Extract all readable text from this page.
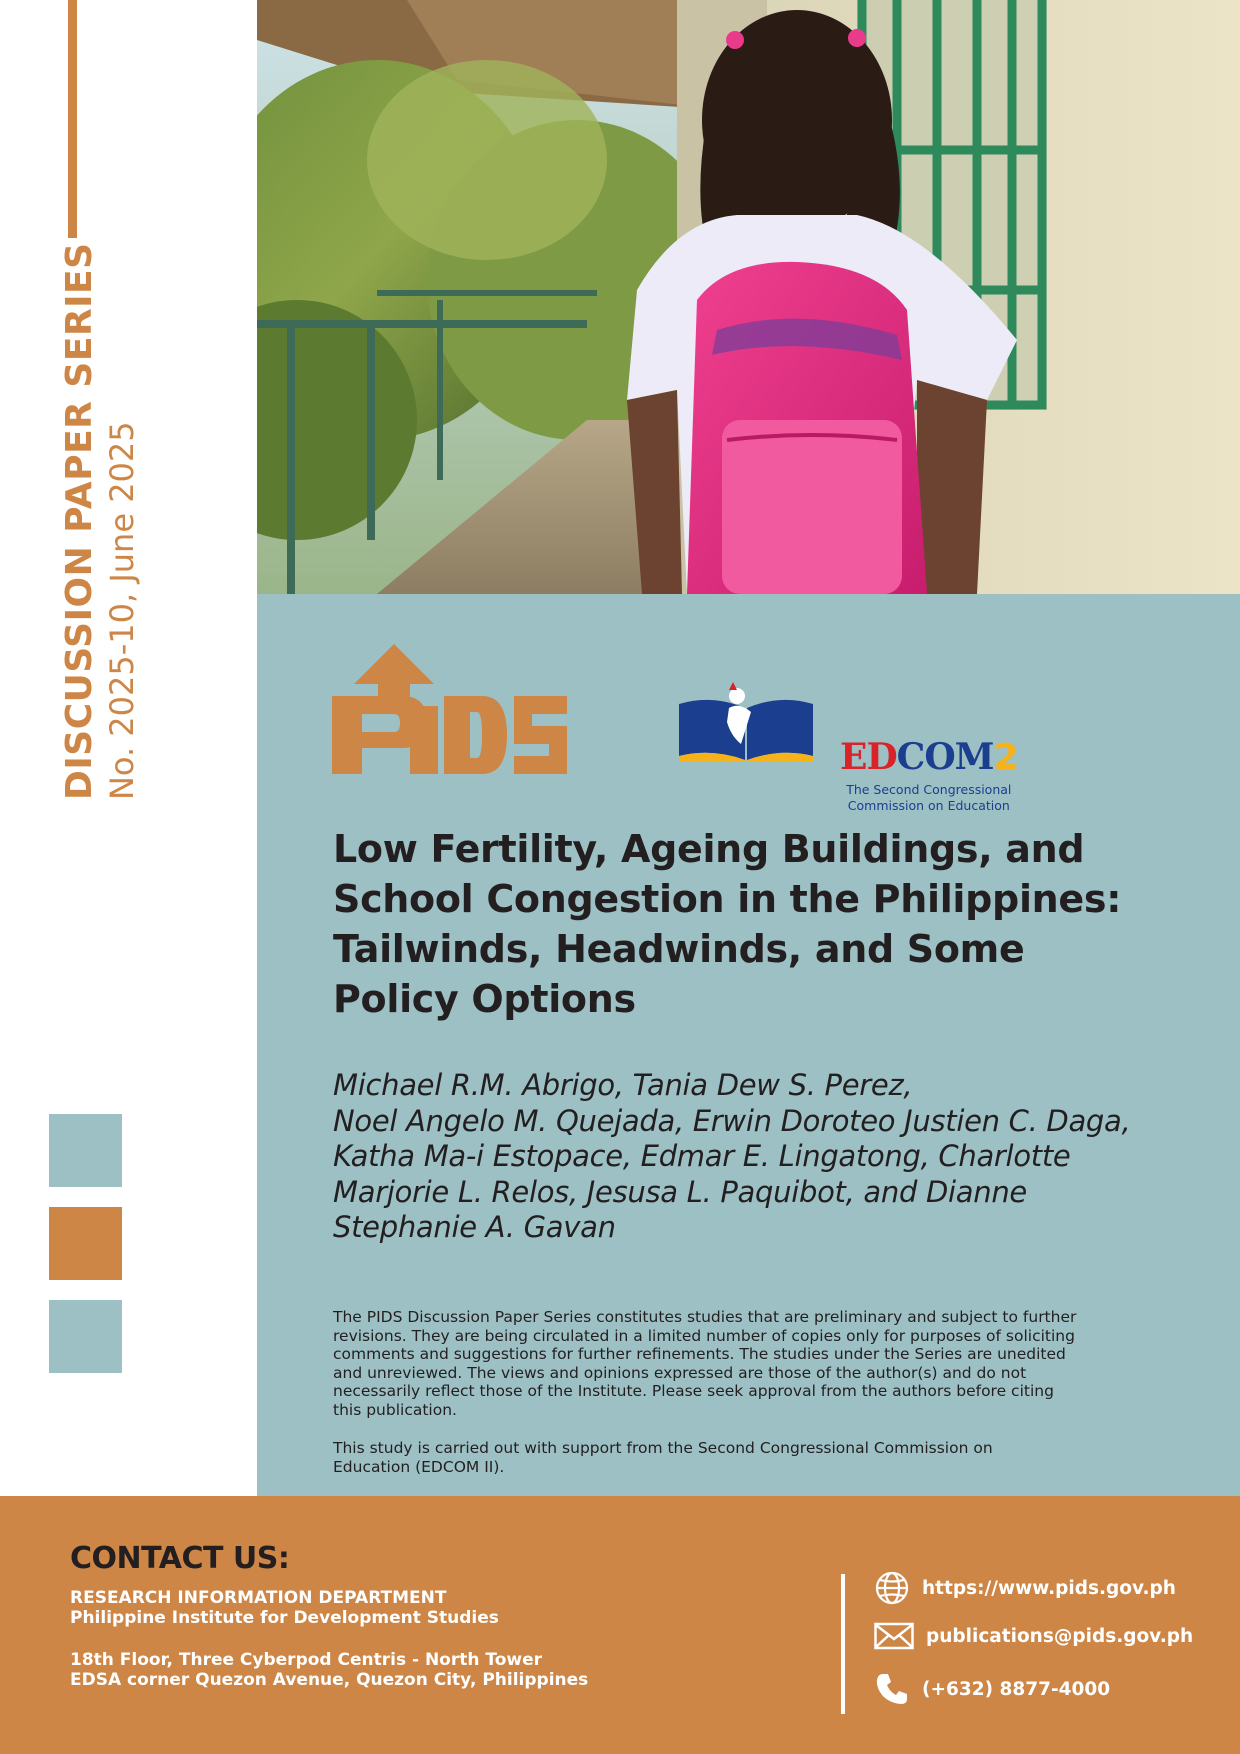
DISCUSSION PAPER SERIES No. 2025-10, June 2025	EDCOM2
The Second Congressional
Commission on Education
Low Fertility, Ageing Buildings, and
School Congestion in the Philippines:
Tailwinds, Headwinds, and Some
Policy Options
Michael R.M. Abrigo, Tania Dew S. Perez,
Noel Angelo M. Quejada, Erwin Doroteo Justien C. Daga,
Katha Ma-i Estopace, Edmar E. Lingatong, Charlotte
Marjorie L. Relos, Jesusa L. Paquibot, and Dianne
Stephanie A. Gavan
The PIDS Discussion Paper Series constitutes studies that are preliminary and subject to further
revisions. They are being circulated in a limited number of copies only for purposes of soliciting
comments and suggestions for further refinements. The studies under the Series are unedited
and unreviewed. The views and opinions expressed are those of the author(s) and do not
necessarily reflect those of the Institute. Please seek approval from the authors before citing
this publication.
This study is carried out with support from the Second Congressional Commission on
Education (EDCOM II).
CONTACT US:
RESEARCH INFORMATION DEPARTMENT
Philippine Institute for Development Studies
18th Floor, Three Cyberpod Centris - North Tower
EDSA corner Quezon Avenue, Quezon City, Philippines
https://www.pids.gov.ph
publications@pids.gov.ph
(+632) 8877-4000
